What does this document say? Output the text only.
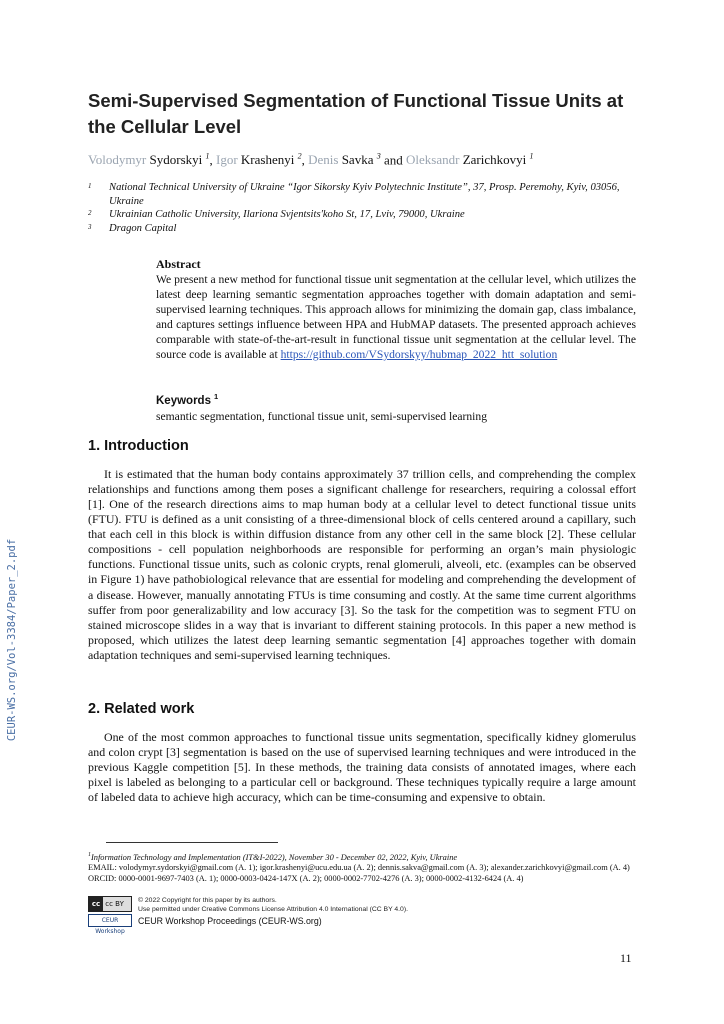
CEUR-WS.org/Vol-3384/Paper_2.pdf
Semi-Supervised Segmentation of Functional Tissue Units at the Cellular Level
Volodymyr Sydorskyi $^1$, Igor Krashenyi $^2$, Denis Savka $^3$ and Oleksandr Zarichkovyi $^1$
1 National Technical University of Ukraine “Igor Sikorsky Kyiv Polytechnic Institute”, 37, Prosp. Peremohy, Kyiv, 03056, Ukraine
2 Ukrainian Catholic University, Ilariona Svjentsits'koho St, 17, Lviv, 79000, Ukraine
3 Dragon Capital
Abstract

We present a new method for functional tissue unit segmentation at the cellular level, which utilizes the latest deep learning semantic segmentation approaches together with domain adaptation and semi-supervised learning techniques. This approach allows for minimizing the domain gap, class imbalance, and captures settings influence between HPA and HubMAP datasets. The presented approach achieves comparable with state-of-the-art-result in functional tissue unit segmentation at the cellular level. The source code is available at https://github.com/VSydorskyy/hubmap_2022_htt_solution

Keywords $^1$
semantic segmentation, functional tissue unit, semi-supervised learning
1. Introduction

It is estimated that the human body contains approximately 37 trillion cells, and comprehending the complex relationships and functions among them poses a significant challenge for researchers, requiring a colossal effort [1]. One of the research directions aims to map human body at a cellular level to detect functional tissue units (FTU). FTU is defined as a unit consisting of a three-dimensional block of cells centered around a capillary, such that each cell in this block is within diffusion distance from any other cell in the same block [2]. These cellular compositions - cell population neighborhoods are responsible for performing an organ’s main physiologic functions. Functional tissue units, such as colonic crypts, renal glomeruli, alveoli, etc. (examples can be observed in Figure 1) have pathobiological relevance that are essential for modeling and comprehending the development of a disease. However, manually annotating FTUs is time consuming and costly. At the same time current algorithms suffer from poor generalizability and low accuracy [3]. So the task for the competition was to segment FTU on stained microscope slides in a way that is invariant to different staining protocols. In this paper a new method is proposed, which utilizes the latest deep learning semantic segmentation [4] approaches together with domain adaptation techniques and semi-supervised learning techniques.

2. Related work

One of the most common approaches to functional tissue units segmentation, specifically kidney glomerulus and colon crypt [3] segmentation is based on the use of supervised learning techniques and were introduced in the previous Kaggle competition [5]. In these methods, the training data consists of annotated images, where each pixel is labeled as belonging to a particular cell or background. These techniques typically require a large amount of labeled data to achieve high accuracy, which can be time-consuming and expensive to obtain.

$^1$Information Technology and Implementation (IT&I-2022), November 30 - December 02, 2022, Kyiv, Ukraine
EMAIL: volodymyr.sydorskyi@gmail.com (A. 1); igor.krashenyi@ucu.edu.ua (A. 2); dennis.sakva@gmail.com (A. 3); alexander.zarichkovyi@gmail.com (A. 4)
ORCID: 0000-0001-9697-7403 (A. 1); 0000-0003-0424-147X (A. 2); 0000-0002-7702-4276 (A. 3); 0000-0002-4132-6424 (A. 4)
cc cc BY
CEUR Workshop
© 2022 Copyright for this paper by its authors.
Use permitted under Creative Commons License Attribution 4.0 International (CC BY 4.0).
CEUR Workshop Proceedings (CEUR-WS.org)
11
